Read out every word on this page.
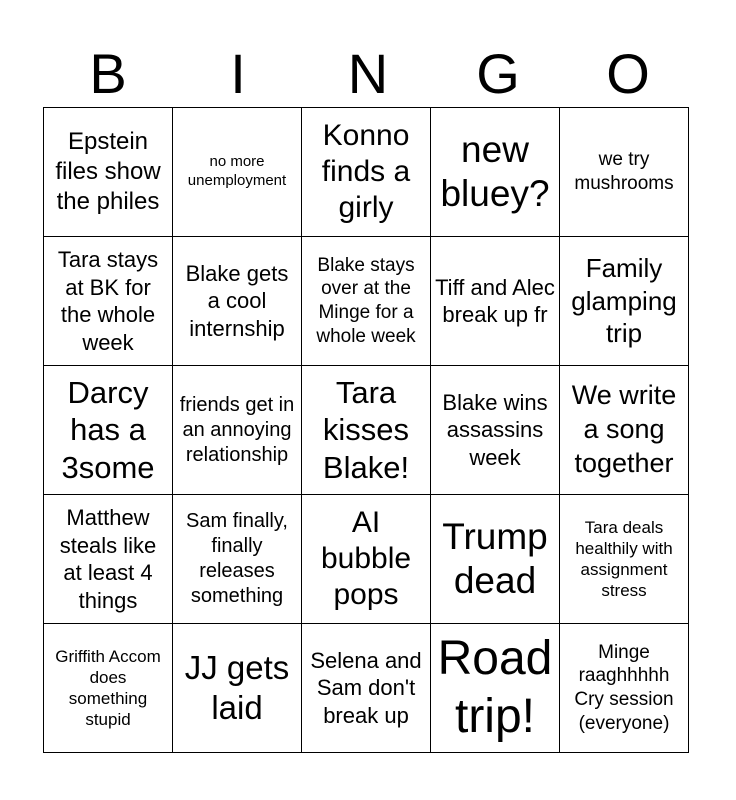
B	I	N	G	O
Epstein files show the philes	no more unemployment	Konno finds a girly	new bluey?	we try mushrooms

Tara stays at BK for the whole week	Blake gets a cool internship	Blake stays over at the Minge for a whole week	Tiff and Alec break up fr	Family glamping trip

Darcy has a 3some	friends get in an annoying relationship	Tara kisses Blake!	Blake wins assassins week	We write a song together

Matthew steals like at least 4 things	Sam finally, finally releases something	AI bubble pops	Trump dead	Tara deals healthily with assignment stress

Griffith Accom does something stupid	JJ gets laid	Selena and Sam don't break up	Road trip!	Minge raaghhhhh Cry session (everyone)
